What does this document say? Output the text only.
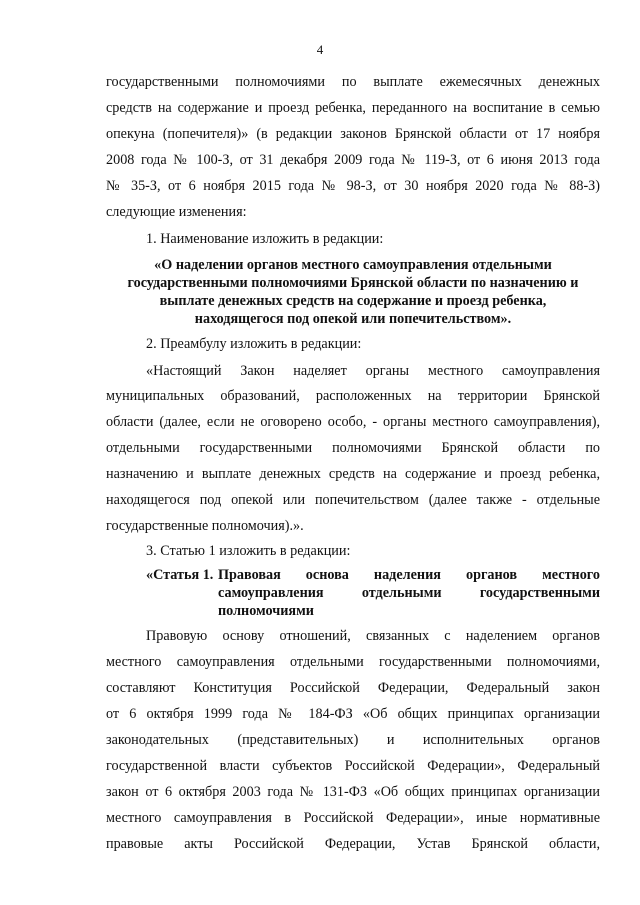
4
государственными полномочиями по выплате ежемесячных денежных
средств на содержание и проезд ребенка, переданного на воспитание в семью
опекуна (попечителя)» (в редакции законов Брянской области от 17 ноября
2008 года № 100-З, от 31 декабря 2009 года № 119-З, от 6 июня 2013 года
№ 35-З, от 6 ноября 2015 года № 98-З, от 30 ноября 2020 года № 88-З)
следующие изменения:
1. Наименование изложить в редакции:
«О наделении органов местного самоуправления отдельными
государственными полномочиями Брянской области по назначению и
выплате денежных средств на содержание и проезд ребенка,
находящегося под опекой или попечительством».
2. Преамбулу изложить в редакции:
«Настоящий Закон наделяет органы местного самоуправления
муниципальных образований, расположенных на территории Брянской
области (далее, если не оговорено особо, - органы местного самоуправления),
отдельными государственными полномочиями Брянской области по
назначению и выплате денежных средств на содержание и проезд ребенка,
находящегося под опекой или попечительством (далее также - отдельные
государственные полномочия).».
3. Статью 1 изложить в редакции:
«Статья 1. Правовая основа наделения органов местного
самоуправления отдельными государственными
полномочиями
Правовую основу отношений, связанных с наделением органов
местного самоуправления отдельными государственными полномочиями,
составляют Конституция Российской Федерации, Федеральный закон
от 6 октября 1999 года № 184-ФЗ «Об общих принципах организации
законодательных (представительных) и исполнительных органов
государственной власти субъектов Российской Федерации», Федеральный
закон от 6 октября 2003 года № 131-ФЗ «Об общих принципах организации
местного самоуправления в Российской Федерации», иные нормативные
правовые акты Российской Федерации, Устав Брянской области,
